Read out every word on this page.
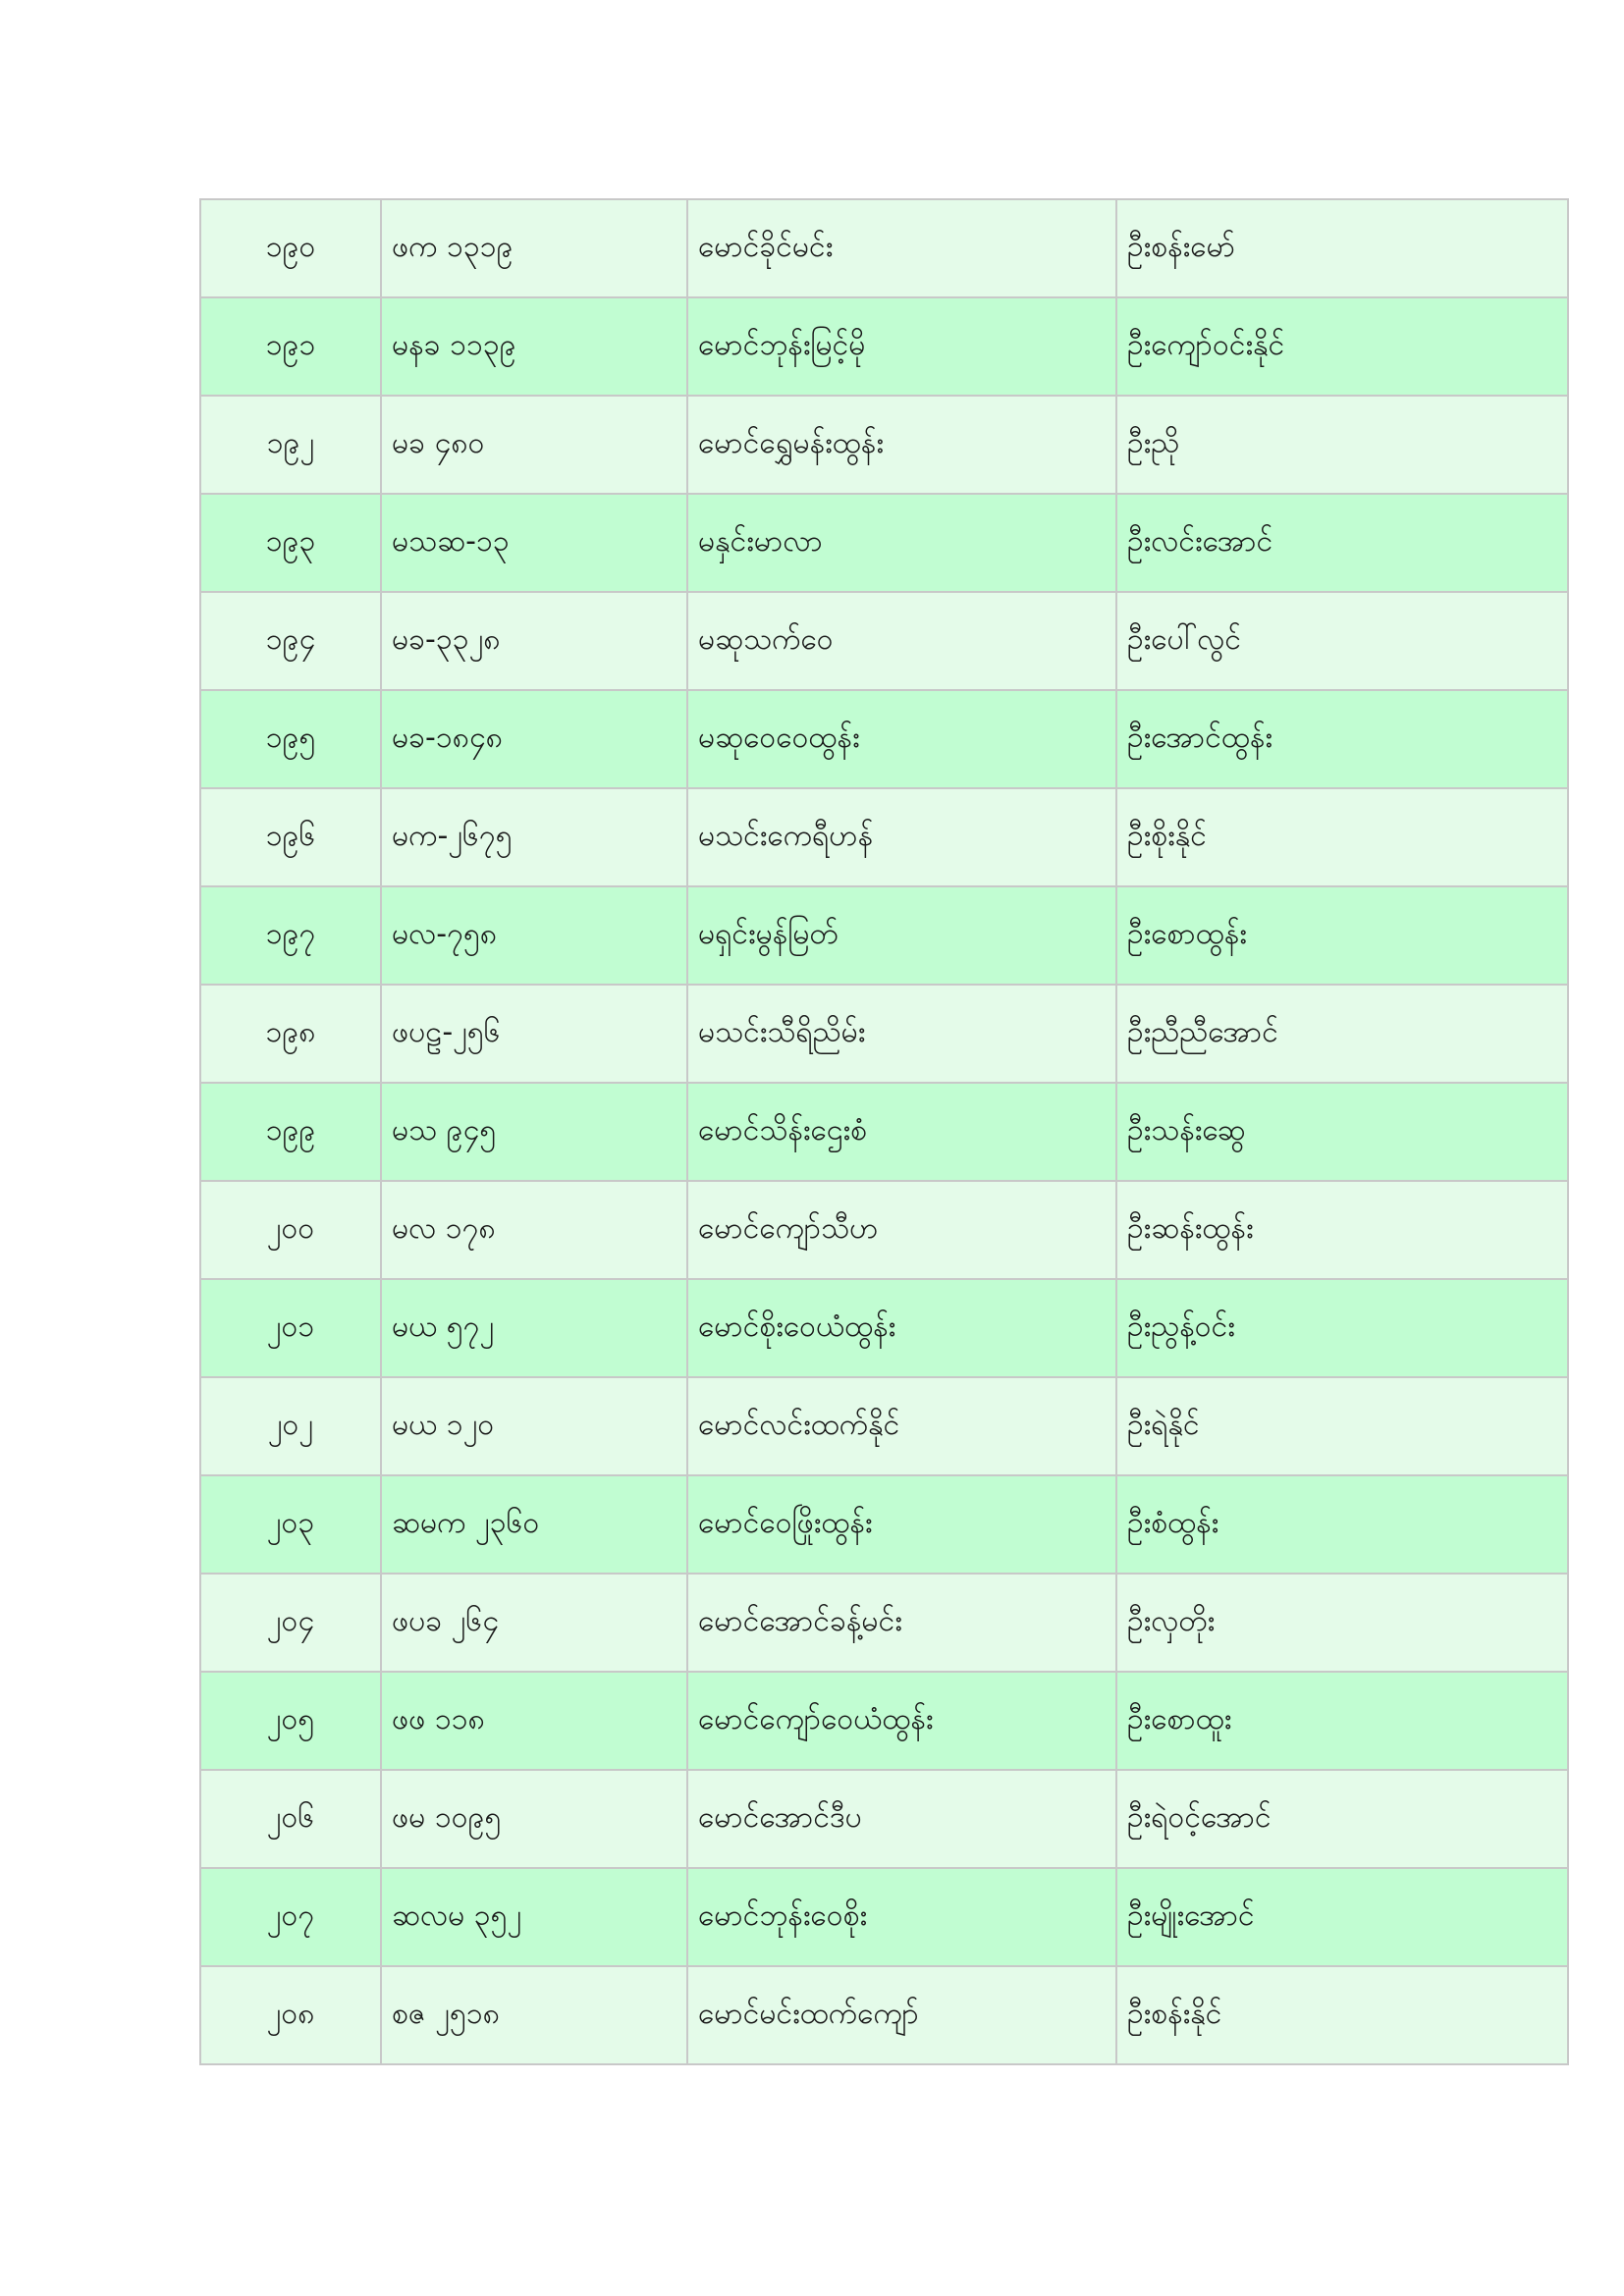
၁၉၀	ဖက ၁၃၁၉	မောင်ခိုင်မင်း	ဦးစန်းမော်
၁၉၁	မနခ ၁၁၃၉	မောင်ဘုန်းမြင့်မို	ဦးကျော်ဝင်းနိုင်
၁၉၂	မခ ၄၈၀	မောင်ရွှေမန်းထွန်း	ဦးညို
၁၉၃	မသဆ-၁၃	မနှင်းမာလာ	ဦးလင်းအောင်
၁၉၄	မခ-၃၃၂၈	မဆုသက်ဝေ	ဦးပေါ်လွင်
၁၉၅	မခ-၁၈၄၈	မဆုဝေဝေထွန်း	ဦးအောင်ထွန်း
၁၉၆	မက-၂၆၇၅	မသင်းကေရီဟန်	ဦးစိုးနိုင်
၁၉၇	မလ-၇၅၈	မရှင်းမွန်မြတ်	ဦးစောထွန်း
၁၉၈	ဖပဠ-၂၅၆	မသင်းသီရိညိမ်း	ဦးညီညီအောင်
၁၉၉	မသ ၉၄၅	မောင်သိန်းဌေးစံ	ဦးသန်းဆွေ
၂၀၀	မလ ၁၇၈	မောင်ကျော်သီဟ	ဦးဆန်းထွန်း
၂၀၁	မယ ၅၇၂	မောင်စိုးဝေယံထွန်း	ဦးညွန့်ဝင်း
၂၀၂	မယ ၁၂၀	မောင်လင်းထက်နိုင်	ဦးရဲနိုင်
၂၀၃	ဆမက ၂၃၆၀	မောင်ဝေဖြိုးထွန်း	ဦးစံထွန်း
၂၀၄	ဖပခ ၂၆၄	မောင်အောင်ခန့်မင်း	ဦးလှတိုး
၂၀၅	ဖဖ ၁၁၈	မောင်ကျော်ဝေယံထွန်း	ဦးစောထူး
၂၀၆	ဖမ ၁၀၉၅	မောင်အောင်ဒီပ	ဦးရဲဝင့်အောင်
၂၀၇	ဆလမ ၃၅၂	မောင်ဘုန်းဝေစိုး	ဦးမျိုးအောင်
၂၀၈	စဇ ၂၅၁၈	မောင်မင်းထက်ကျော်	ဦးစန်းနိုင်
